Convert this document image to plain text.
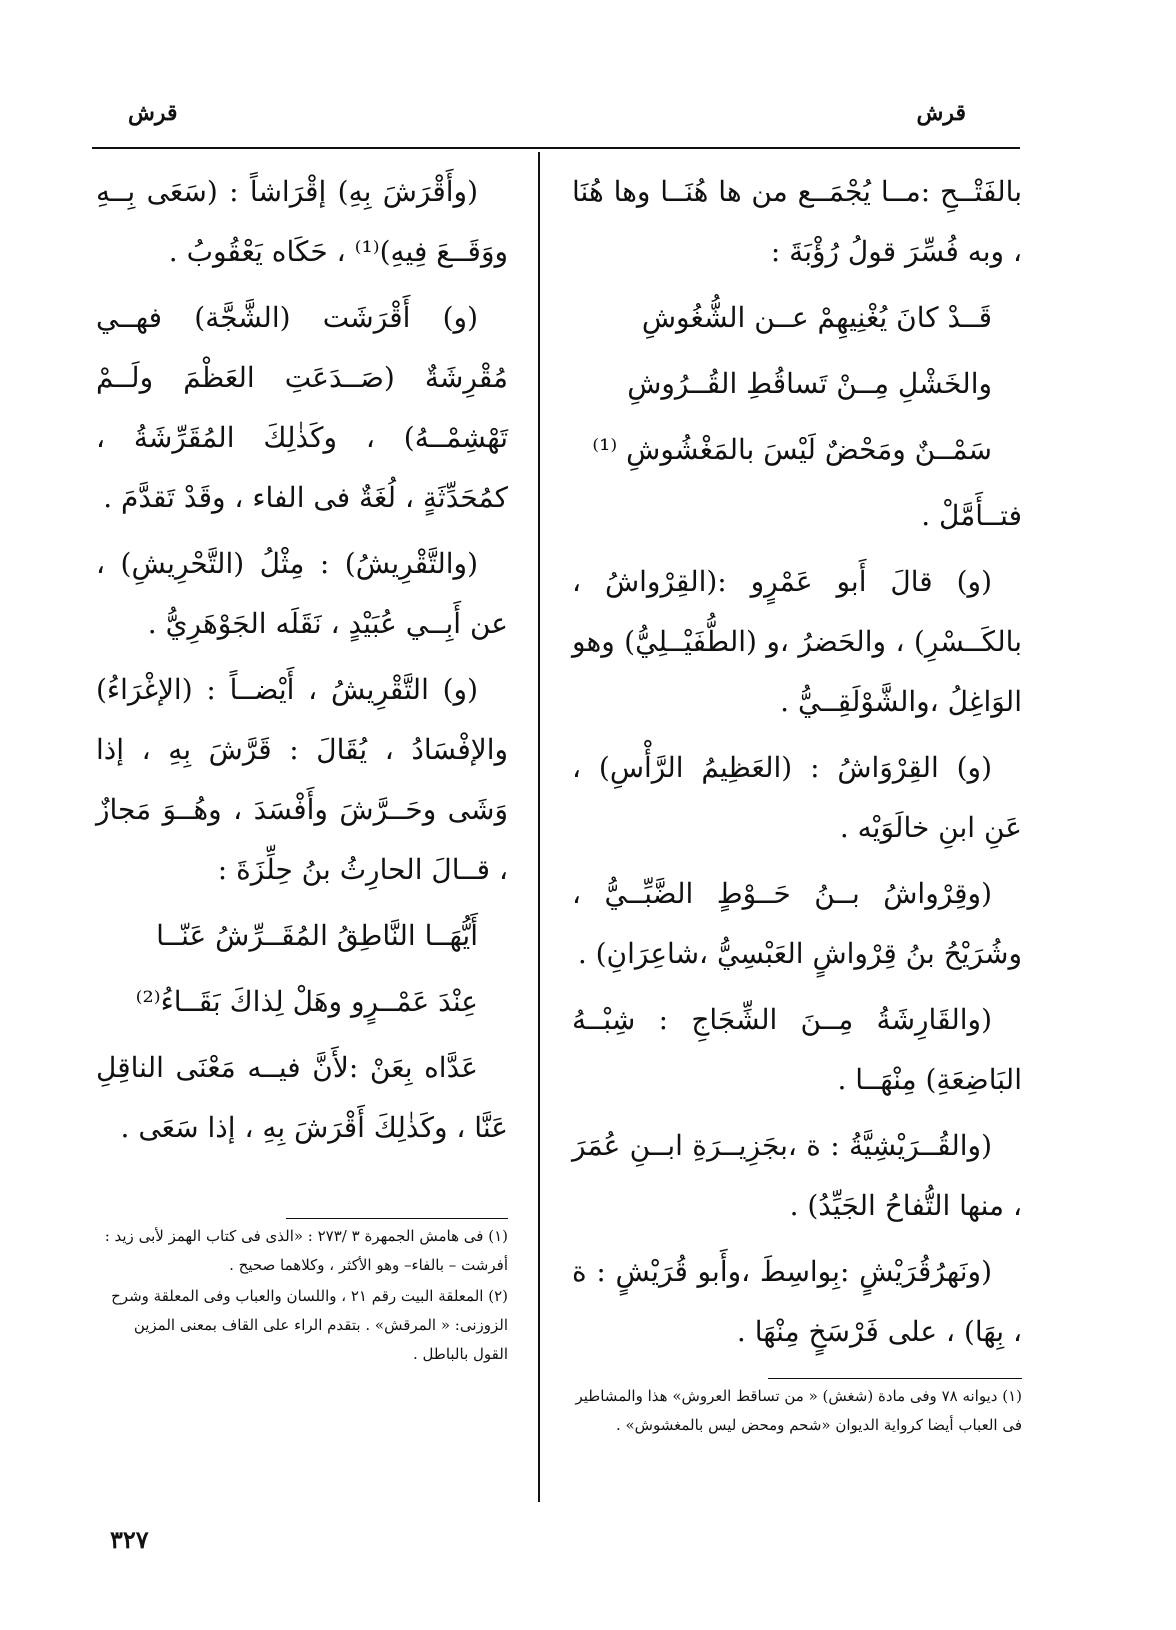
قرش
قرش

بالفَتْــحِ :مــا يُجْمَــع من ها هُنَــا وها هُنَا ، وبه فُسِّرَ قولُ رُؤْبَةَ :

قَــدْ كانَ يُغْنِيهِمْ عــن الشُّغُوشِ

والخَشْلِ مِــنْ تَساقُطِ القُــرُوشِ

سَمْــنٌ ومَحْضٌ لَيْسَ بالمَغْشُوشِ ⁽¹⁾

فتــأَمَّلْ .

(و) قالَ أَبو عَمْرٍو :(القِرْواشُ ، بالكَــسْرِ) ، والحَضرُ ،و (الطُّفَيْــلِيُّ) وهو الوَاغِلُ ،والشَّوْلَقِــيُّ .

(و) القِرْوَاشُ : (العَظِيمُ الرَّأْسِ) ، عَنِ ابنِ خالَوَيْه .

(وقِرْواشُ بــنُ حَــوْطٍ الضَّبِّــيُّ ، وشُرَيْحُ بنُ قِرْواشٍ العَبْسِيُّ ،شاعِرَانِ) .

(والقَارِشَةُ مِــنَ الشِّجَاجِ : شِبْــهُ البَاضِعَةِ) مِنْهَــا .

(والقُــرَيْشِيَّةُ : ة ،بجَزِيــرَةِ ابــنِ عُمَرَ ، منها التُّفاحُ الجَيِّدُ) .

(ونَهرُقُرَيْشٍ :بِواسِطَ ،وأَبو قُرَيْشٍ : ة ، بِهَا) ، على فَرْسَخٍ مِنْهَا .

(١) ديوانه ٧٨ وفى مادة (شغش) « من تساقط العروش» هذا والمشاطير فى العباب أيضا كرواية الديوان «شحم ومحض ليس بالمغشوش» .

(وأَقْرَشَ بِهِ) إقْرَاشاً : (سَعَى بِــهِ ووَقَــعَ فِيهِ)⁽¹⁾ ، حَكَاه يَعْقُوبُ .

(و) أَقْرَشَت (الشَّجَّة) فهــي مُقْرِشَةٌ (صَــدَعَتِ العَظْمَ ولَــمْ تَهْشِمْــهُ) ، وكَذٰلِكَ المُقَرِّشَةُ ، كمُحَدِّثَةٍ ، لُغَةٌ فى الفاء ، وقَدْ تَقدَّمَ .

(والتَّقْرِيشُ) : مِثْلُ (التَّحْرِيشِ) ، عن أَبِــي عُبَيْدٍ ، نَقَلَه الجَوْهَرِيُّ .

(و) التَّقْرِيشُ ، أَيْضــاً : (الإغْرَاءُ) والإفْسَادُ ، يُقَالَ : قَرَّشَ بِهِ ، إذا وَشَى وحَــرَّشَ وأَفْسَدَ ، وهُــوَ مَجازٌ ، قــالَ الحارِثُ بنُ حِلِّزَةَ :

أَيُّهَــا النَّاطِقُ المُقَــرِّشُ عَنّــا

عِنْدَ عَمْــرٍو وهَلْ لِذاكَ بَقَــاءُ⁽²⁾

عَدَّاه بِعَنْ :لأَنَّ فيــه مَعْنَى الناقِلِ عَنَّا ، وكَذٰلِكَ أَقْرَشَ بِهِ ، إذا سَعَى .

(١) فى هامش الجمهرة ٣ /٢٧٣ : «الذى فى كتاب الهمز لأبى زيد : أفرشت – بالفاء– وهو الأكثر ، وكلاهما صحيح .

(٢) المعلقة البيت رقم ٢١ ، واللسان والعباب وفى المعلقة وشرح الزوزنى: « المرقش» . بتقدم الراء على القاف بمعنى المزين القول بالباطل .

٣٢٧
